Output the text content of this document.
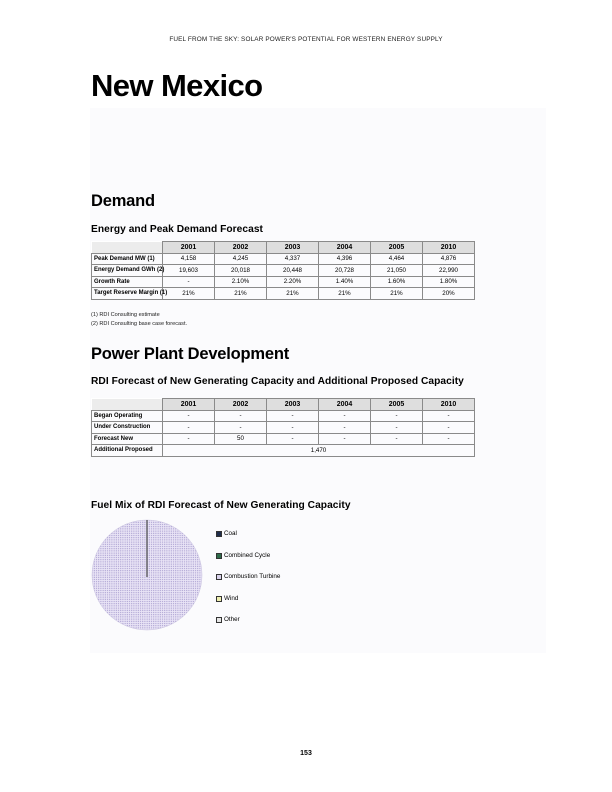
FUEL FROM THE SKY: SOLAR POWER'S POTENTIAL FOR WESTERN ENERGY SUPPLY
New Mexico
Demand
Energy and Peak Demand Forecast
	2001	2002	2003	2004	2005	2010
Peak Demand MW (1)	4,158	4,245	4,337	4,396	4,464	4,876
Energy Demand GWh (2)	19,603	20,018	20,448	20,728	21,050	22,990
Growth Rate	-	2.10%	2.20%	1.40%	1.60%	1.80%
Target Reserve Margin (1)	21%	21%	21%	21%	21%	20%
(1) RDI Consulting estimate
(2) RDI Consulting base case forecast.
Power Plant Development
RDI Forecast of New Generating Capacity and Additional Proposed Capacity
	2001	2002	2003	2004	2005	2010
Began Operating	-	-	-	-	-	-
Under Construction	-	-	-	-	-	-
Forecast New	-	50	-	-	-	-
Additional Proposed	1,470					
Fuel Mix of RDI Forecast of New Generating Capacity
Coal
Combined Cycle
Combustion Turbine
Wind
Other
153
